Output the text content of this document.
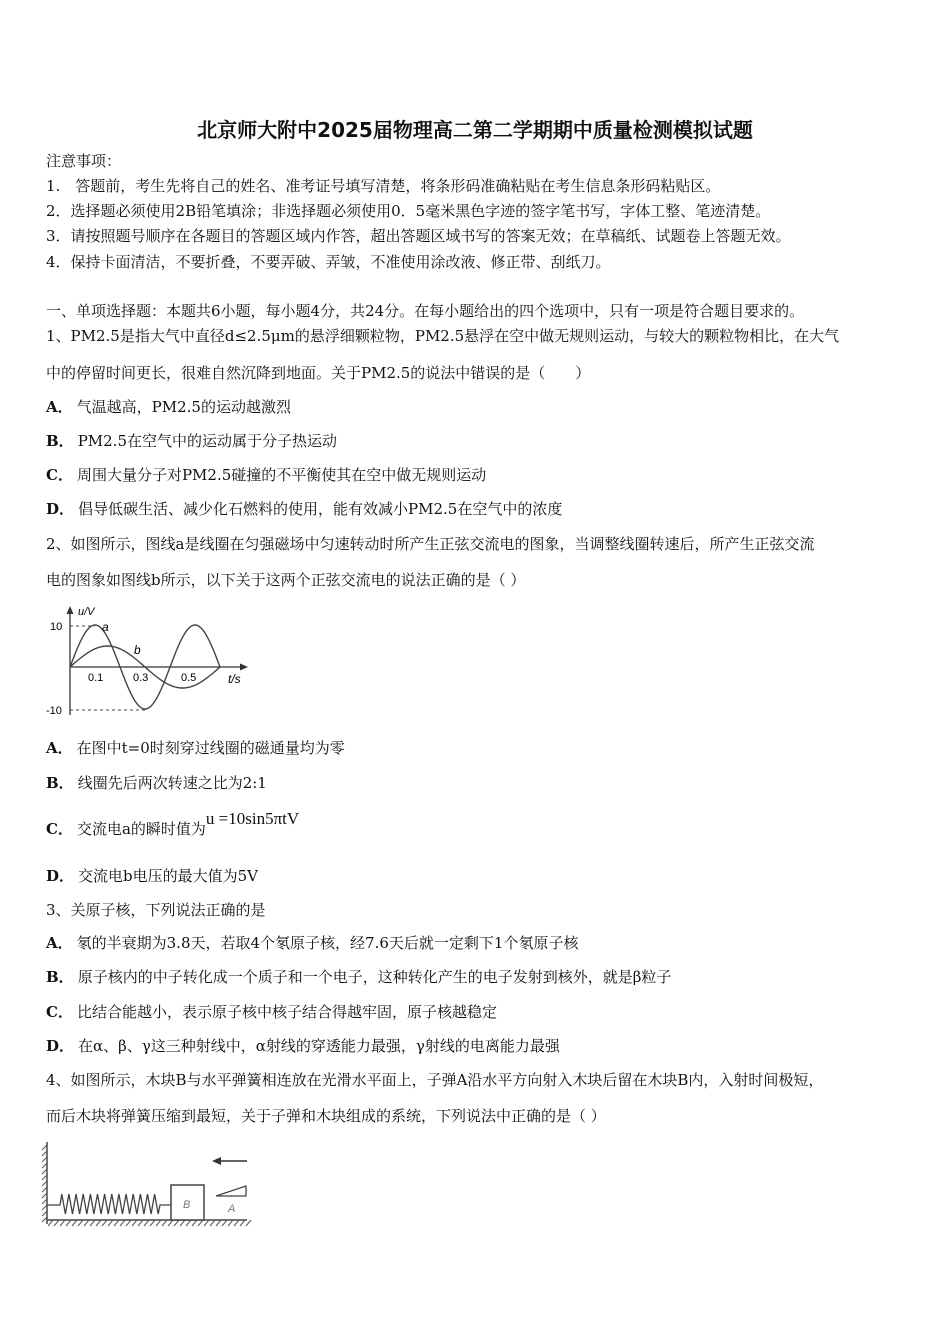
北京师大附中2025届物理高二第二学期期中质量检测模拟试题
注意事项：
1.　答题前，考生先将自己的姓名、准考证号填写清楚，将条形码准确粘贴在考生信息条形码粘贴区。
2．选择题必须使用2B铅笔填涂；非选择题必须使用0．5毫米黑色字迹的签字笔书写，字体工整、笔迹清楚。
3．请按照题号顺序在各题目的答题区域内作答，超出答题区域书写的答案无效；在草稿纸、试题卷上答题无效。
4．保持卡面清洁，不要折叠，不要弄破、弄皱，不准使用涂改液、修正带、刮纸刀。
一、单项选择题：本题共6小题，每小题4分，共24分。在每小题给出的四个选项中，只有一项是符合题目要求的。
1、PM2.5是指大气中直径d≤2.5μm的悬浮细颗粒物，PM2.5悬浮在空中做无规则运动，与较大的颗粒物相比，在大气
中的停留时间更长，很难自然沉降到地面。关于PM2.5的说法中错误的是（　　）
A． 气温越高，PM2.5的运动越激烈
B． PM2.5在空气中的运动属于分子热运动
C． 周围大量分子对PM2.5碰撞的不平衡使其在空中做无规则运动
D． 倡导低碳生活、减少化石燃料的使用，能有效减小PM2.5在空气中的浓度
2、如图所示，图线a是线圈在匀强磁场中匀速转动时所产生正弦交流电的图象，当调整线圈转速后，所产生正弦交流
电的图象如图线b所示，以下关于这两个正弦交流电的说法正确的是（ ）
u/V
10
-10
0.1	0.3	0.5	t/s
a
b
A． 在图中t=0时刻穿过线圈的磁通量均为零
B． 线圈先后两次转速之比为2:1
C． 交流电a的瞬时值为u =10sin5πtV
D． 交流电b电压的最大值为5V
3、关原子核，下列说法正确的是
A． 氡的半衰期为3.8天，若取4个氡原子核，经7.6天后就一定剩下1个氡原子核
B． 原子核内的中子转化成一个质子和一个电子，这种转化产生的电子发射到核外，就是β粒子
C． 比结合能越小，表示原子核中核子结合得越牢固，原子核越稳定
D． 在α、β、γ这三种射线中，α射线的穿透能力最强，γ射线的电离能力最强
4、如图所示，木块B与水平弹簧相连放在光滑水平面上，子弹A沿水平方向射入木块后留在木块B内，入射时间极短，
而后木块将弹簧压缩到最短，关于子弹和木块组成的系统，下列说法中正确的是（ ）
B	A
